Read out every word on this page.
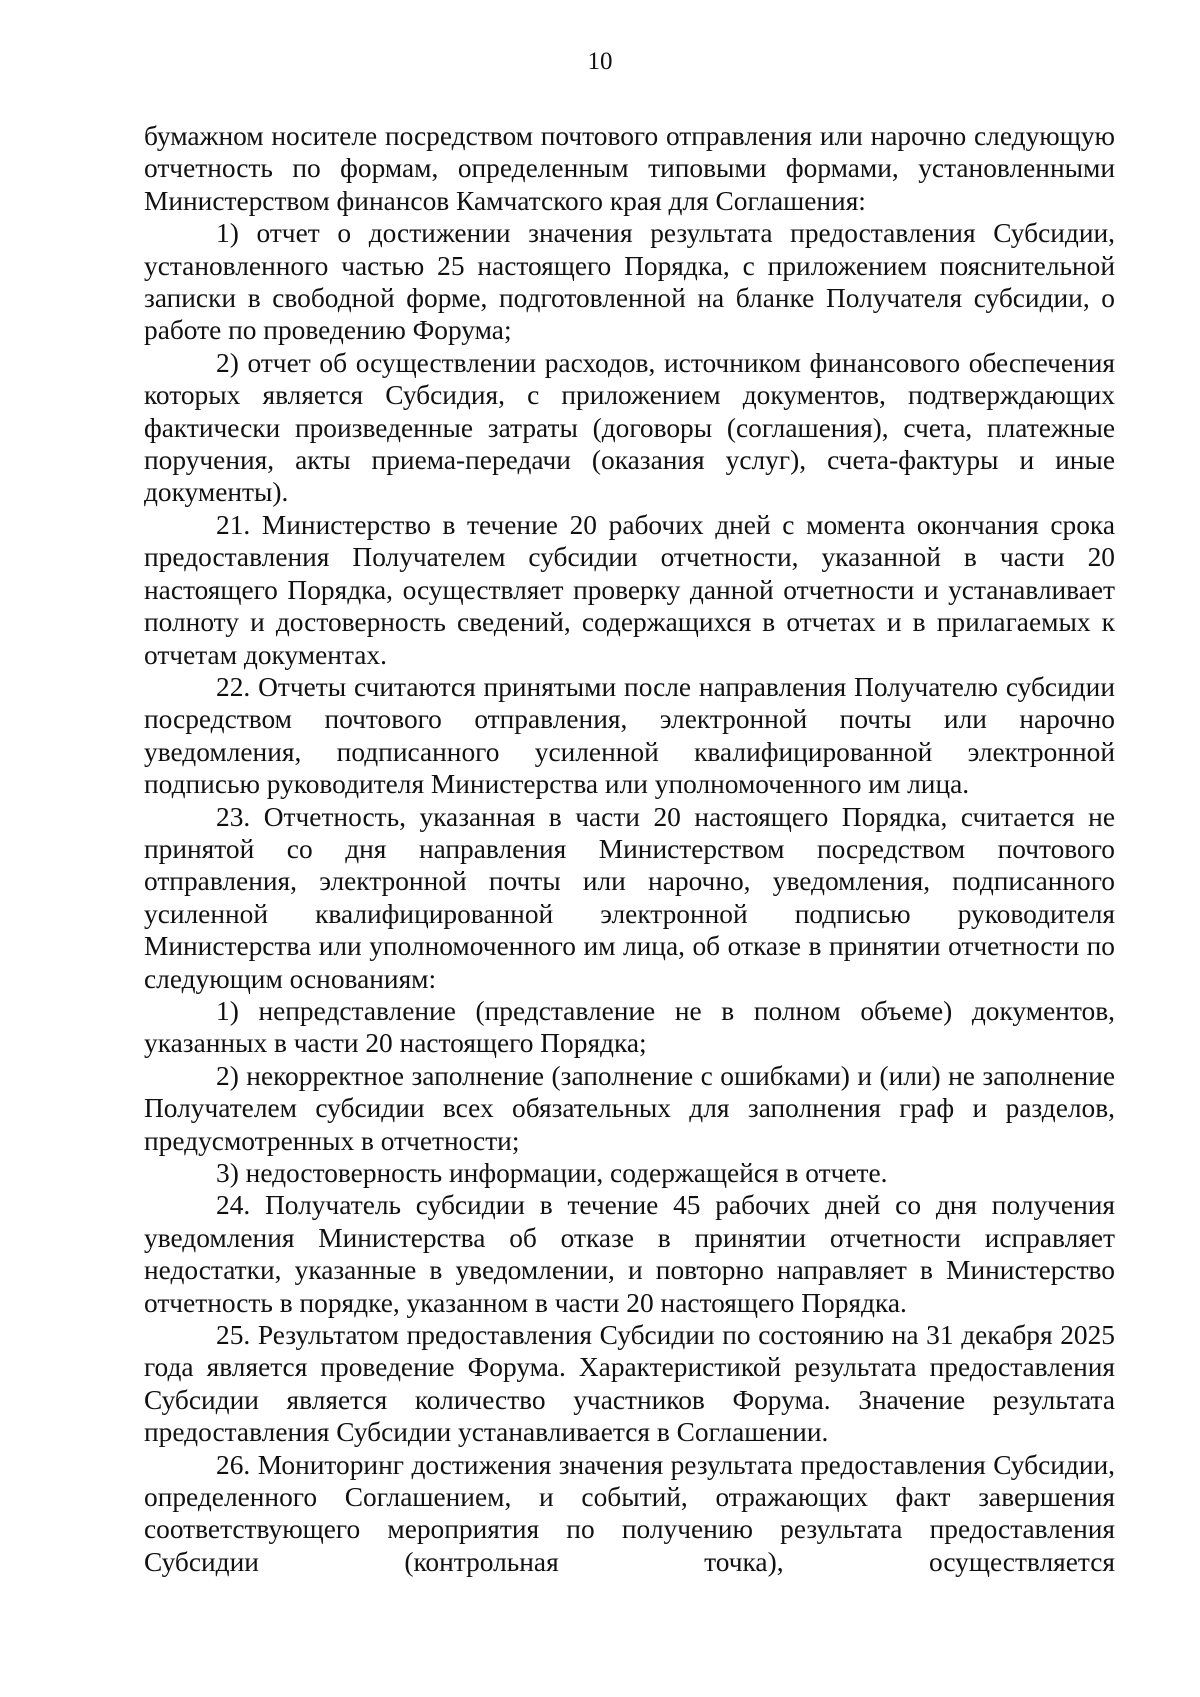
10

бумажном носителе посредством почтового отправления или нарочно следующую отчетность по формам, определенным типовыми формами, установленными Министерством финансов Камчатского края для Соглашения:

1) отчет о достижении значения результата предоставления Субсидии, установленного частью 25 настоящего Порядка, с приложением пояснительной записки в свободной форме, подготовленной на бланке Получателя субсидии, о работе по проведению Форума;

2) отчет об осуществлении расходов, источником финансового обеспечения которых является Субсидия, с приложением документов, подтверждающих фактически произведенные затраты (договоры (соглашения), счета, платежные поручения, акты приема-передачи (оказания услуг), счета-фактуры и иные документы).

21. Министерство в течение 20 рабочих дней с момента окончания срока предоставления Получателем субсидии отчетности, указанной в части 20 настоящего Порядка, осуществляет проверку данной отчетности и устанавливает полноту и достоверность сведений, содержащихся в отчетах и в прилагаемых к отчетам документах.

22. Отчеты считаются принятыми после направления Получателю субсидии посредством почтового отправления, электронной почты или нарочно уведомления, подписанного усиленной квалифицированной электронной подписью руководителя Министерства или уполномоченного им лица.

23. Отчетность, указанная в части 20 настоящего Порядка, считается не принятой со дня направления Министерством посредством почтового отправления, электронной почты или нарочно, уведомления, подписанного усиленной квалифицированной электронной подписью руководителя Министерства или уполномоченного им лица, об отказе в принятии отчетности по следующим основаниям:

1) непредставление (представление не в полном объеме) документов, указанных в части 20 настоящего Порядка;

2) некорректное заполнение (заполнение с ошибками) и (или) не заполнение Получателем субсидии всех обязательных для заполнения граф и разделов, предусмотренных в отчетности;

3) недостоверность информации, содержащейся в отчете.

24. Получатель субсидии в течение 45 рабочих дней со дня получения уведомления Министерства об отказе в принятии отчетности исправляет недостатки, указанные в уведомлении, и повторно направляет в Министерство отчетность в порядке, указанном в части 20 настоящего Порядка.

25. Результатом предоставления Субсидии по состоянию на 31 декабря 2025 года является проведение Форума. Характеристикой результата предоставления Субсидии является количество участников Форума. Значение результата предоставления Субсидии устанавливается в Соглашении.

26. Мониторинг достижения значения результата предоставления Субсидии, определенного Соглашением, и событий, отражающих факт завершения соответствующего мероприятия по получению результата предоставления Субсидии (контрольная точка), осуществляется
